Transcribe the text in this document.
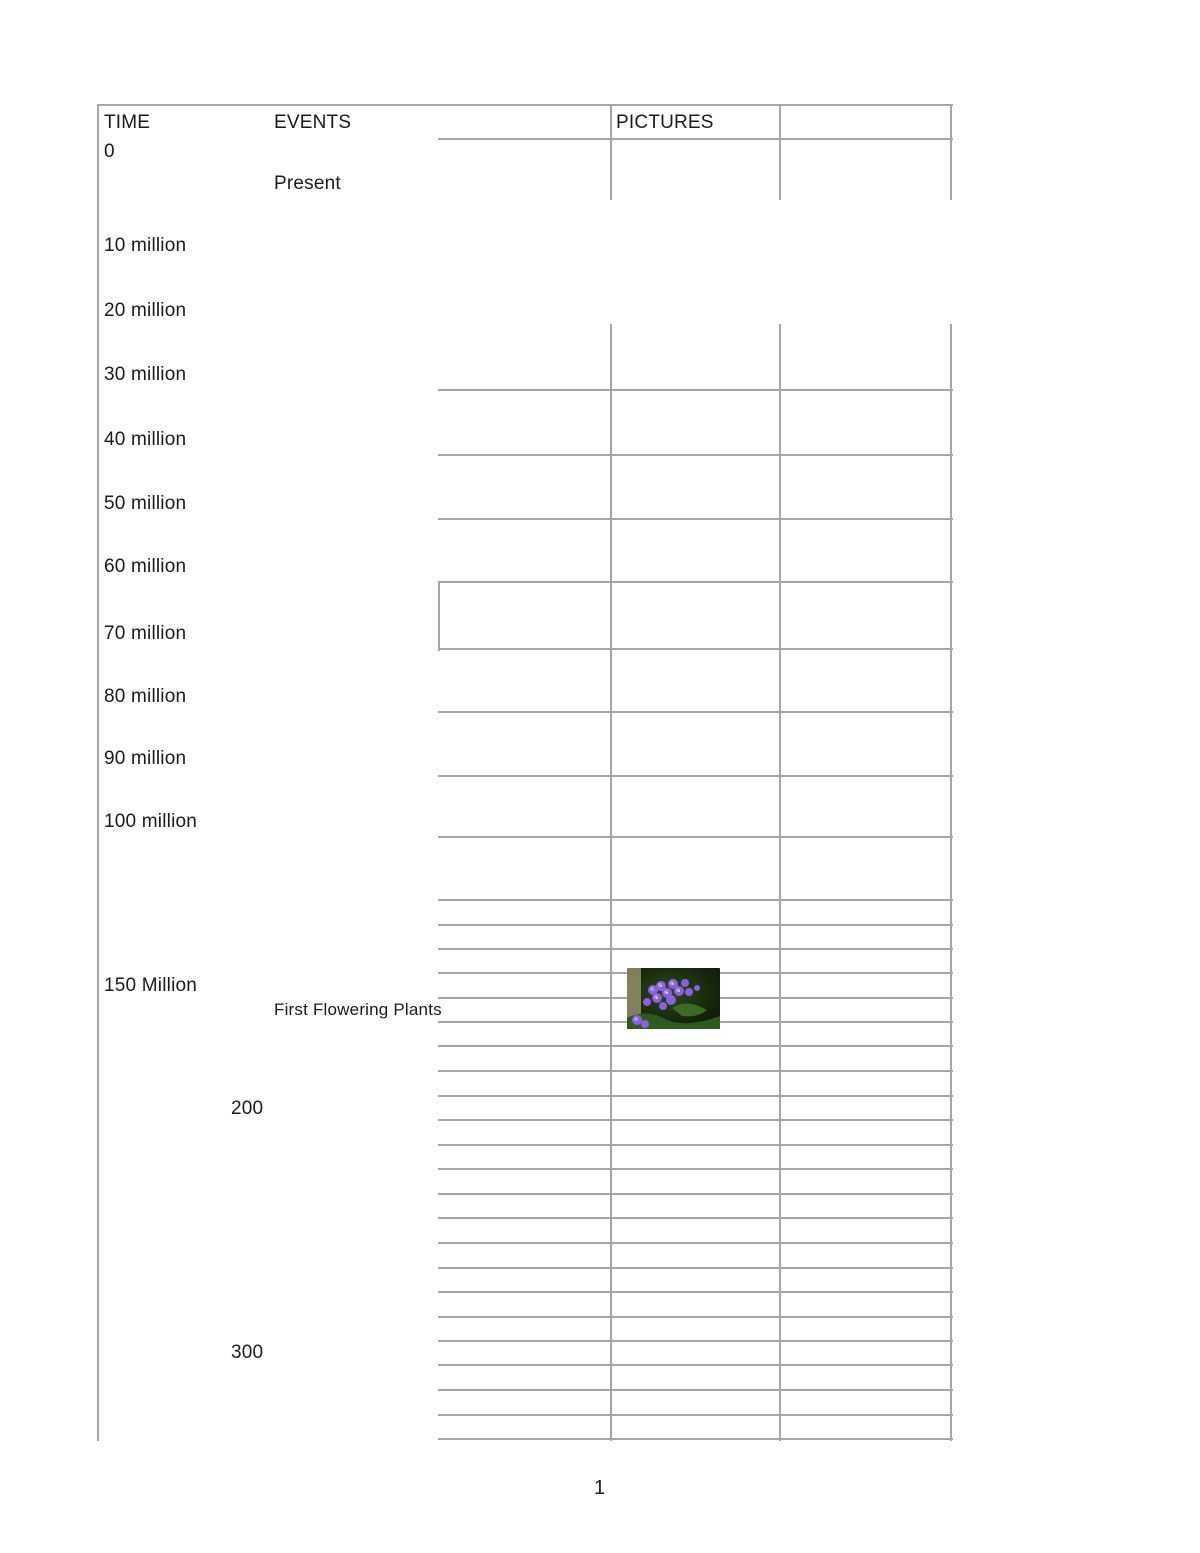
TIME	EVENTS	PICTURES
0
10 million
20 million
30 million
40 million
50 million
60 million
70 million
80 million
90 million
100 million
150 Million
200
300
Present
First Flowering Plants
1
